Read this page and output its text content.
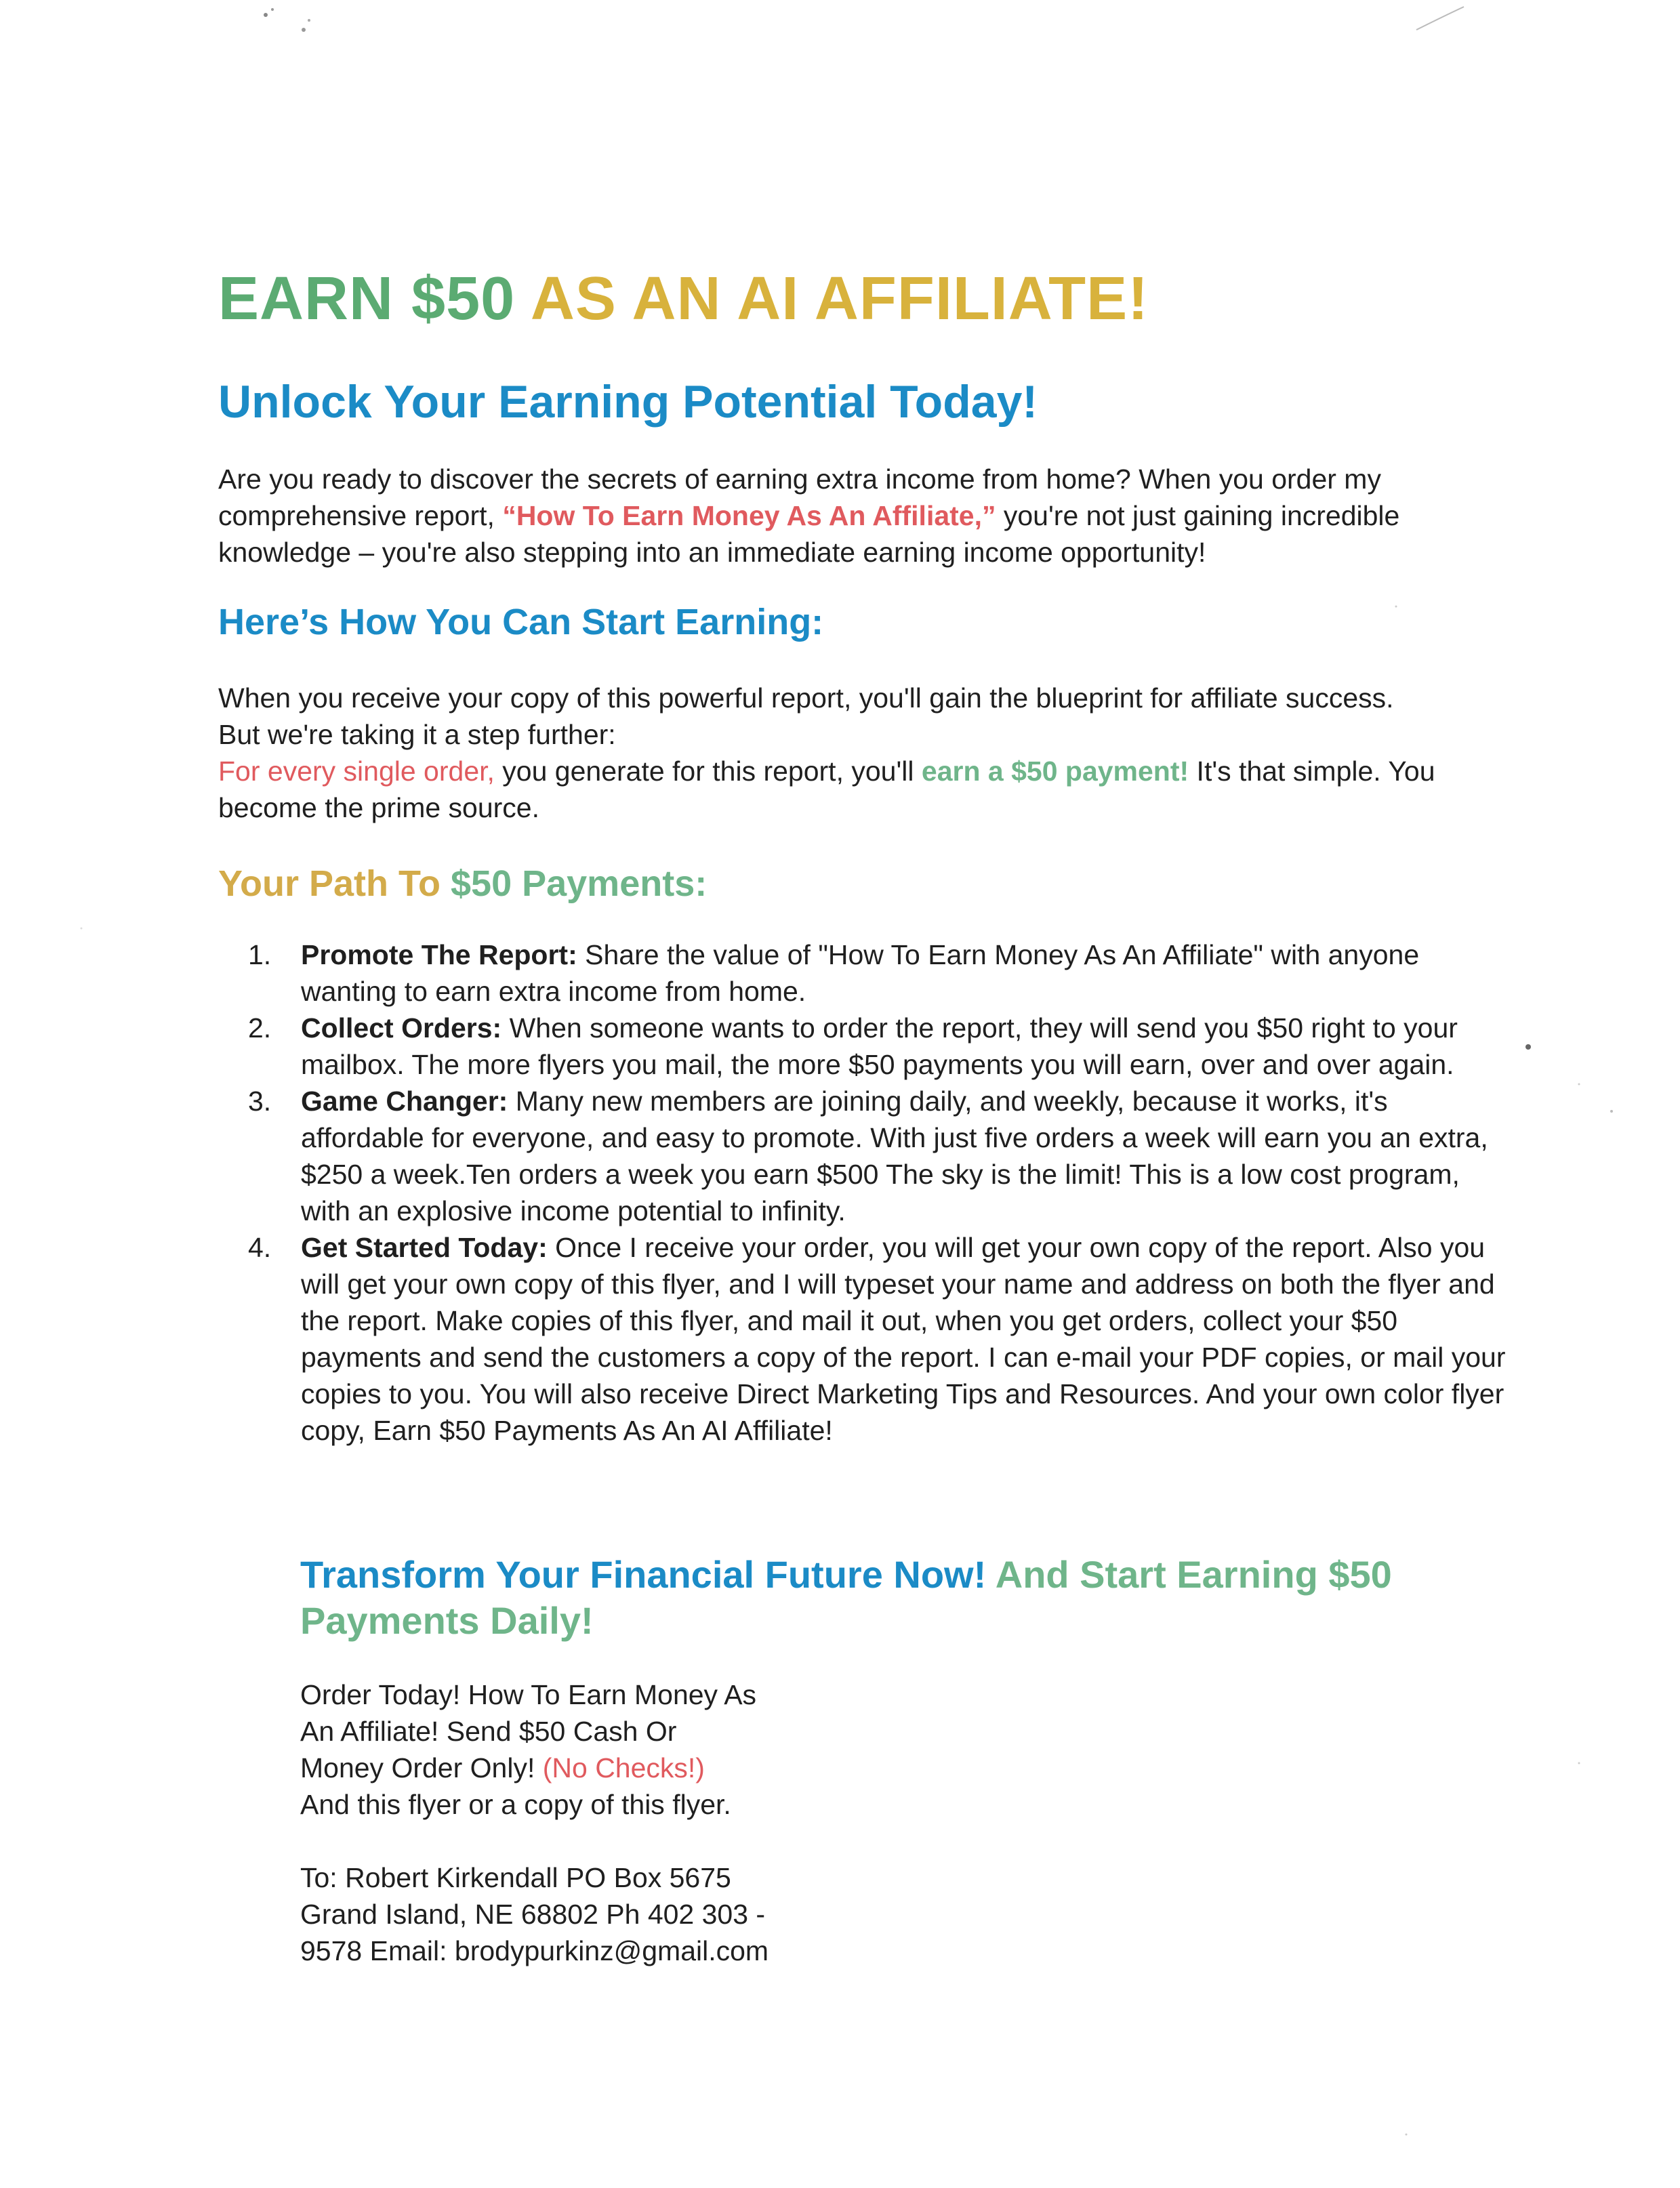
EARN $50 AS AN AI AFFILIATE!
Unlock Your Earning Potential Today!

Are you ready to discover the secrets of earning extra income from home? When you order my comprehensive report, “How To Earn Money As An Affiliate,” you're not just gaining incredible knowledge – you're also stepping into an immediate earning income opportunity!

Here’s How You Can Start Earning:
When you receive your copy of this powerful report, you'll gain the blueprint for affiliate success.
But we're taking it a step further:
For every single order, you generate for this report, you'll earn a $50 payment! It's that simple. You become the prime source.
Your Path To $50 Payments:
1.	Promote The Report: Share the value of "How To Earn Money As An Affiliate" with anyone wanting to earn extra income from home.
2.	Collect Orders: When someone wants to order the report, they will send you $50 right to your mailbox. The more flyers you mail, the more $50 payments you will earn, over and over again.
3.	Game Changer: Many new members are joining daily, and weekly, because it works, it's affordable for everyone, and easy to promote. With just five orders a week will earn you an extra, $250 a week.Ten orders a week you earn $500 The sky is the limit! This is a low cost program, with an explosive income potential to infinity.
4.	Get Started Today: Once I receive your order, you will get your own copy of the report. Also you will get your own copy of this flyer, and I will typeset your name and address on both the flyer and the report. Make copies of this flyer, and mail it out, when you get orders, collect your $50 payments and send the customers a copy of the report. I can e-mail your PDF copies, or mail your copies to you. You will also receive Direct Marketing Tips and Resources. And your own color flyer copy, Earn $50 Payments As An AI Affiliate!
Transform Your Financial Future Now! And Start Earning $50 Payments Daily!
Order Today! How To Earn Money As
An Affiliate! Send $50 Cash Or
Money Order Only! (No Checks!)
And this flyer or a copy of this flyer.
To: Robert Kirkendall PO Box 5675
Grand Island, NE 68802 Ph 402 303 -
9578 Email: brodypurkinz@gmail.com
